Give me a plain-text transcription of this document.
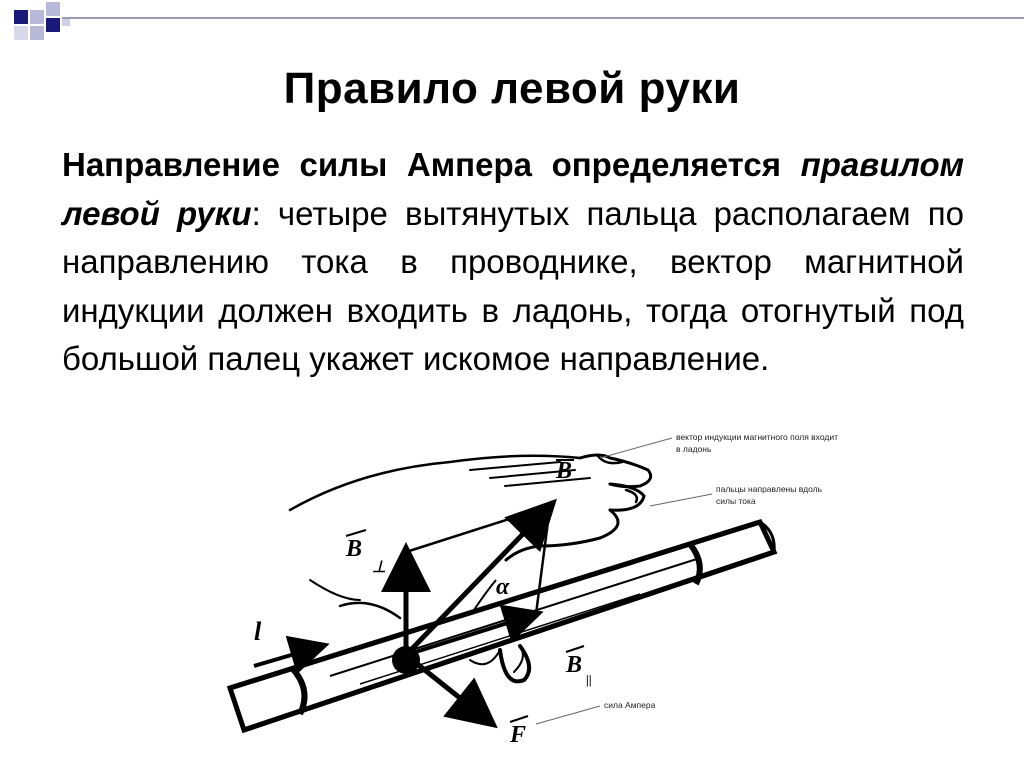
Правило левой руки
Направление силы Ампера определяется правилом левой руки: четыре вытянутых пальца располагаем по направлению тока в проводнике, вектор магнитной индукции должен входить в ладонь, тогда отогнутый под большой палец укажет искомое направление.
B
B
⊥
B
||
F
l
α
вектор индукции магнитного поля входит
в ладонь
пальцы напрaвлены вдоль
силы тока
сила Ампера
